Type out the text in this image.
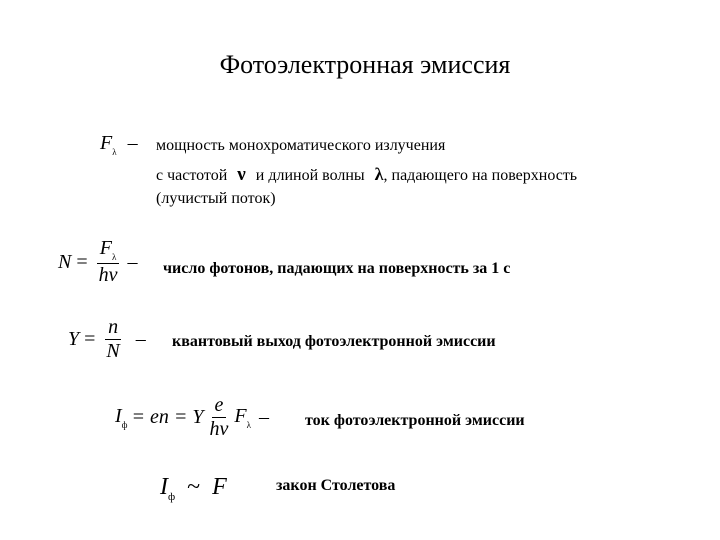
Фотоэлектронная эмиссия
$F_\lambda$ – мощность монохроматического излучения
с частотой ν и длиной волны λ, падающего на поверхность
(лучистый поток)
$N = \frac{F_\lambda}{h\nu}$ – число фотонов, падающих на поверхность за 1 с
$Y = \frac{n}{N}$ – квантовый выход фотоэлектронной эмиссии
$I_ф$ = en = Y $\frac{e}{h\nu} F_\lambda$ – ток фотоэлектронной эмиссии
$I_ф$ ~ F	закон Столетова
